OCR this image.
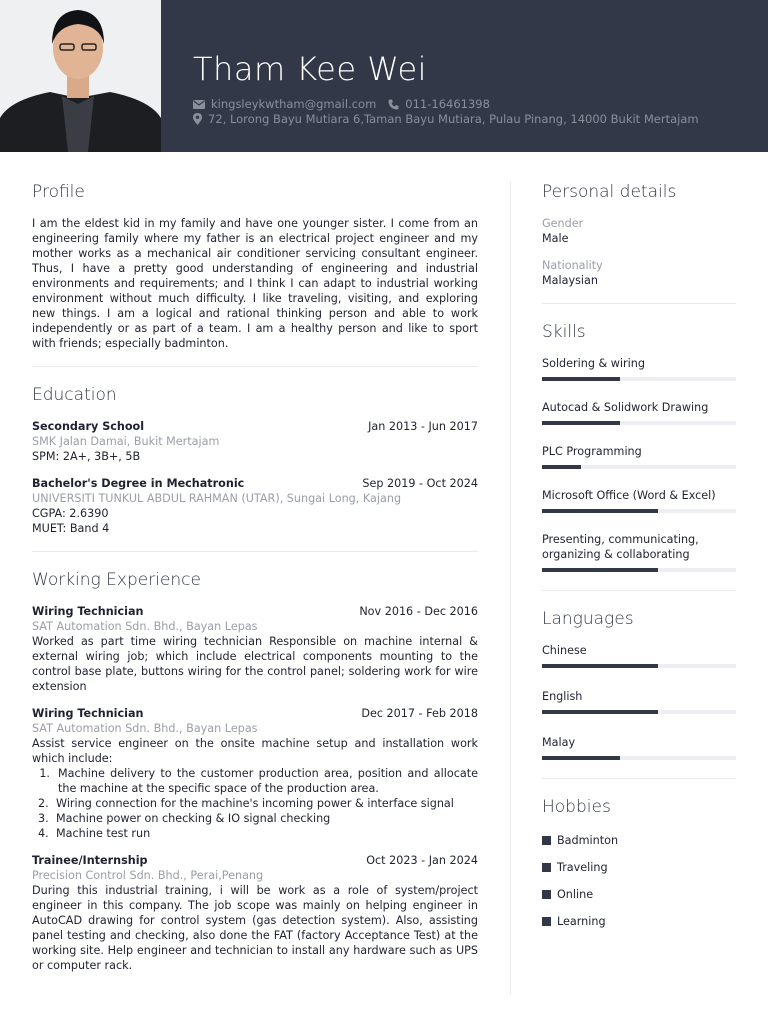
Tham Kee Wei
kingsleykwtham@gmail.com	011-16461398
72, Lorong Bayu Mutiara 6,Taman Bayu Mutiara, Pulau Pinang, 14000 Bukit Mertajam
Profile
I am the eldest kid in my family and have one younger sister. I come from an engineering family where my father is an electrical project engineer and my mother works as a mechanical air conditioner servicing consultant engineer. Thus, I have a pretty good understanding of engineering and industrial environments and requirements; and I think I can adapt to industrial working environment without much difficulty. I like traveling, visiting, and exploring new things. I am a logical and rational thinking person and able to work independently or as part of a team. I am a healthy person and like to sport with friends; especially badminton.
Education
Secondary School	Jan 2013 - Jun 2017
SMK Jalan Damai, Bukit Mertajam
SPM: 2A+, 3B+, 5B
Bachelor's Degree in Mechatronic	Sep 2019 - Oct 2024
UNIVERSITI TUNKUL ABDUL RAHMAN (UTAR), Sungai Long, Kajang
CGPA: 2.6390
MUET: Band 4
Working Experience
Wiring Technician	Nov 2016 - Dec 2016
SAT Automation Sdn. Bhd., Bayan Lepas
Worked as part time wiring technician Responsible on machine internal & external wiring job; which include electrical components mounting to the control base plate, buttons wiring for the control panel; soldering work for wire extension
Wiring Technician	Dec 2017 - Feb 2018
SAT Automation Sdn. Bhd., Bayan Lepas
Assist service engineer on the onsite machine setup and installation work which include:
1. Machine delivery to the customer production area, position and allocate the machine at the specific space of the production area.
2. Wiring connection for the machine's incoming power & interface signal
3. Machine power on checking & IO signal checking
4. Machine test run
Trainee/Internship	Oct 2023 - Jan 2024
Precision Control Sdn. Bhd., Perai,Penang
During this industrial training, i will be work as a role of system/project engineer in this company. The job scope was mainly on helping engineer in AutoCAD drawing for control system (gas detection system). Also, assisting panel testing and checking, also done the FAT (factory Acceptance Test) at the working site. Help engineer and technician to install any hardware such as UPS or computer rack.
Personal details
Gender
Male
Nationality
Malaysian
Skills
Soldering & wiring
Autocad & Solidwork Drawing
PLC Programming
Microsoft Office (Word & Excel)
Presenting, communicating, organizing & collaborating
Languages
Chinese
English
Malay
Hobbies
Badminton
Traveling
Online
Learning
